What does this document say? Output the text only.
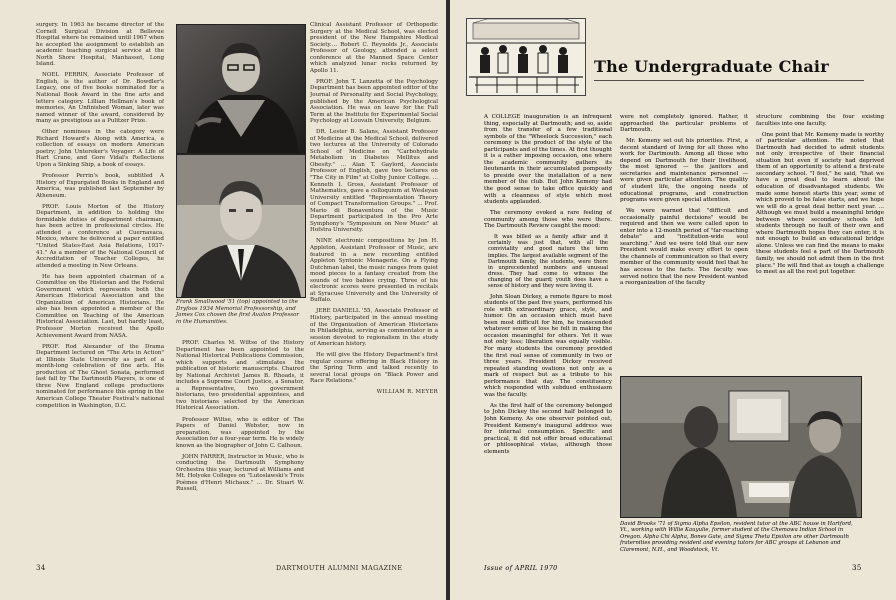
surgery. In 1963 he became director of the Cornell Surgical Division at Bellevue Hospital where he remained until 1967 when he accepted the assignment to establish an academic teaching surgical service at the North Shore Hospital, Manhasset, Long Island.

NOEL PERRIN, Associate Professor of English, is the author of Dr. Bowdler's Legacy, one of five books nominated for a National Book Award in the fine arts and letters category. Lillian Hellman's book of memories, An Unfinished Woman, later was named winner of the award, considered by many as prestigious as a Pulitzer Prize.

Other nominees in the category were Richard Howard's Along with America, a collection of essays on modern American poetry; John Untereker's Voyager: A Life of Hart Crane, and Gore Vidal's Reflections Upon a Sinking Ship, a book of essays.

Professor Perrin's book, subtitled A History of Expurgated Books in England and America, was published last September by Atheneum.

PROF. Louis Morton of the History Department, in addition to holding the formidable duties of department chairman, has been active in professional circles. He attended a conference at Cuernavaca, Mexico, where he delivered a paper entitled "United States-East Asia Relations, 1937-41." As a member of the National Council of Accreditation of Teacher Colleges, he attended a meeting in New Orleans.

He has been appointed chairman of a Committee on the Historian and the Federal Government which represents both the American Historical Association and the Organization of American Historians. He also has been appointed a member of the Committee on Teaching of the American Historical Association. Last, but hardly least, Professor Morton received the Apollo Achievement Award from NASA.

PROF. Rod Alexander of the Drama Department lectured on "The Arts in Action" at Illinois State University as part of a month-long celebration of fine arts. His production of The Ghost Sonata, performed last fall by The Dartmouth Players, is one of three New England college productions nominated for performance this spring in the American College Theater Festival's national competition in Washington, D.C.

Frank Smallwood '51 (top) appointed to the Dryfoos 1934 Memorial Professorship, and James Cox chosen the first Avalon Professor in the Humanities.

PROF. Charles M. Wiltse of the History Department has been appointed to the National Historical Publications Commission, which supports and stimulates the publication of historic manuscripts. Chaired by National Archivist James B. Rhoads, it includes a Supreme Court Justice, a Senator, a Representative, two government historians, two presidential appointees, and two historians selected by the American Historical Association.

Professor Wiltse, who is editor of The Papers of Daniel Webster, now in preparation, was appointed by the Association for a four-year term. He is widely known as the biographer of John C. Calhoun.

JOHN FARRER, Instructor in Music, who is conducting the Dartmouth Symphony Orchestra this year, lectured at Williams and Mt. Holyoke Colleges on "Lutoslawski's Trois Poèmes d'Henri Michaux." ... Dr. Stuart W. Russell,

Clinical Assistant Professor of Orthopedic Surgery at the Medical School, was elected president of the New Hampshire Medical Society.... Robert C. Reynolds Jr., Associate Professor of Geology, attended a select conference at the Manned Space Center which analyzed lunar rocks returned by Apollo 11.

PROF. John T. Lanzetta of the Psychology Department has been appointed editor of the Journal of Personality and Social Psychology, published by the American Psychological Association. He was on leave for the Fall Term at the Institute for Experimental Social Psychology at Louvain University, Belgium.

DR. Lester B. Salans, Assistant Professor of Medicine at the Medical School, delivered two lectures at the University of Colorado School of Medicine on "Carbohydrate Metabolism in Diabetes Mellitus and Obesity." ... Alan T. Gaylord, Associate Professor of English, gave two lectures on "The City in Film" at Colby Junior College. ... Kenneth I. Gross, Assistant Professor of Mathematics, gave a colloquium at Wesleyan University entitled "Representation Theory of Compact Transformation Groups." ... Prof. Mario di Bonaventura of the Music Department participated in the Pro Arte Symphony's "Symposium on New Music" at Hofstra University.

NINE electronic compositions by Jon H. Appleton, Assistant Professor of Music, are featured in a new recording entitled Appleton Syntonic Menagerie. On a Flying Dutchman label, the music ranges from quiet mood pieces to a fantasy created from the sounds of two babies crying. Three of his electronic scores were presented in recitals at Syracuse University and the University of Buffalo.

JERE DANIELL '55, Associate Professor of History, participated in the annual meeting of the Organization of American Historians in Philadelphia, serving as commentator in a session devoted to regionalism in the study of American history.

He will give the History Department's first regular course offering in Black History in the Spring Term and talked recently to several local groups on "Black Power and Race Relations."

WILLIAM R. MEYER
34	DARTMOUTH ALUMNI MAGAZINE
The Undergraduate Chair

A COLLEGE inauguration is an infrequent thing, especially at Dartmouth; and so, aside from the transfer of a few traditional symbols of the "Wheelock Succession," each ceremony is the product of the style of the participants and of the times. At first thought it is a rather imposing occasion, one where the academic community gathers its lieutenants in their accumulated pomposity to preside over the installation of a new member of the club. But John Kemeny had the good sense to take office quickly and with a cleanness of style which most students applauded.

The ceremony evoked a rare feeling of community among those who were there. The Dartmouth Review caught the mood:

It was billed as a family affair and it certainly was just that, with all the conviviality and good nature the term implies. The largest available segment of the Dartmouth family, the students, were there in unprecedented numbers and unusual dress. They had come to witness the changing of the guard; youth does have a sense of history and they were loving it.

John Sloan Dickey, a remote figure to most students of the past five years, performed his role with extraordinary grace, style, and humor. On an occasion which must have been most difficult for him, he transcended whatever sense of loss he felt in making the occasion meaningful for others. Yet it was not only loss; liberation was equally visible. For many students the ceremony provided the first real sense of community in two or three years. President Dickey received repeated standing ovations not only as a mark of respect but as a tribute to his performance that day. The constituency which responded with subdued enthusiasm was the faculty.

As the first half of the ceremony belonged to John Dickey the second half belonged to John Kemeny. As one observer pointed out, President Kemeny's inaugural address was for internal consumption. Specific and practical, it did not offer broad educational or philosophical vistas, although those elements

were not completely ignored. Rather, it approached the particular problems of Dartmouth.

Mr. Kemeny set out his priorities. First, a decent standard of living for all those who work for Dartmouth. Among all those who depend on Dartmouth for their livelihood, the most ignored — the janitors and secretaries and maintenance personnel — were given particular attention. The quality of student life, the ongoing needs of educational programs, and construction programs were given special attention.

We were warned that "difficult and occasionally painful decisions" would be required and then we were called upon to enter into a 12-month period of "far-reaching debate" and "institution-wide soul searching." And we were told that our new President would make every effort to open the channels of communication so that every member of the community would feel that he has access to the facts. The faculty was served notice that the new President wanted a reorganization of the faculty

structure combining the four existing faculties into one faculty.

One point that Mr. Kemeny made is worthy of particular attention. He noted that Dartmouth had decided to admit students not only irrespective of their financial situation but even if society had deprived them of an opportunity to attend a first-rate secondary school. "I feel," he said, "that we have a great deal to learn about the education of disadvantaged students. We made some honest starts this year, some of which proved to be false starts, and we hope we will do a great deal better next year. ... Although we must build a meaningful bridge between where secondary schools left students through no fault of their own and where Dartmouth hopes they can enter, it is not enough to build an educational bridge alone. Unless we can find the means to make these students feel a part of the Dartmouth family, we should not admit them in the first place." He will find that as tough a challenge to meet as all the rest put together.

David Brooks '71 of Sigma Alpha Epsilon, resident tutor at the ABC house in Hartford, Vt., working with Willie Kauyulie, former student at the Chemawa Indian School in Oregon. Alpha Chi Alpha, Bones Gate, and Sigma Theta Epsilon are other Dartmouth fraternities providing resident and evening tutors for ABC groups at Lebanon and Claremont, N.H., and Woodstock, Vt.
Issue of APRIL 1970	35
